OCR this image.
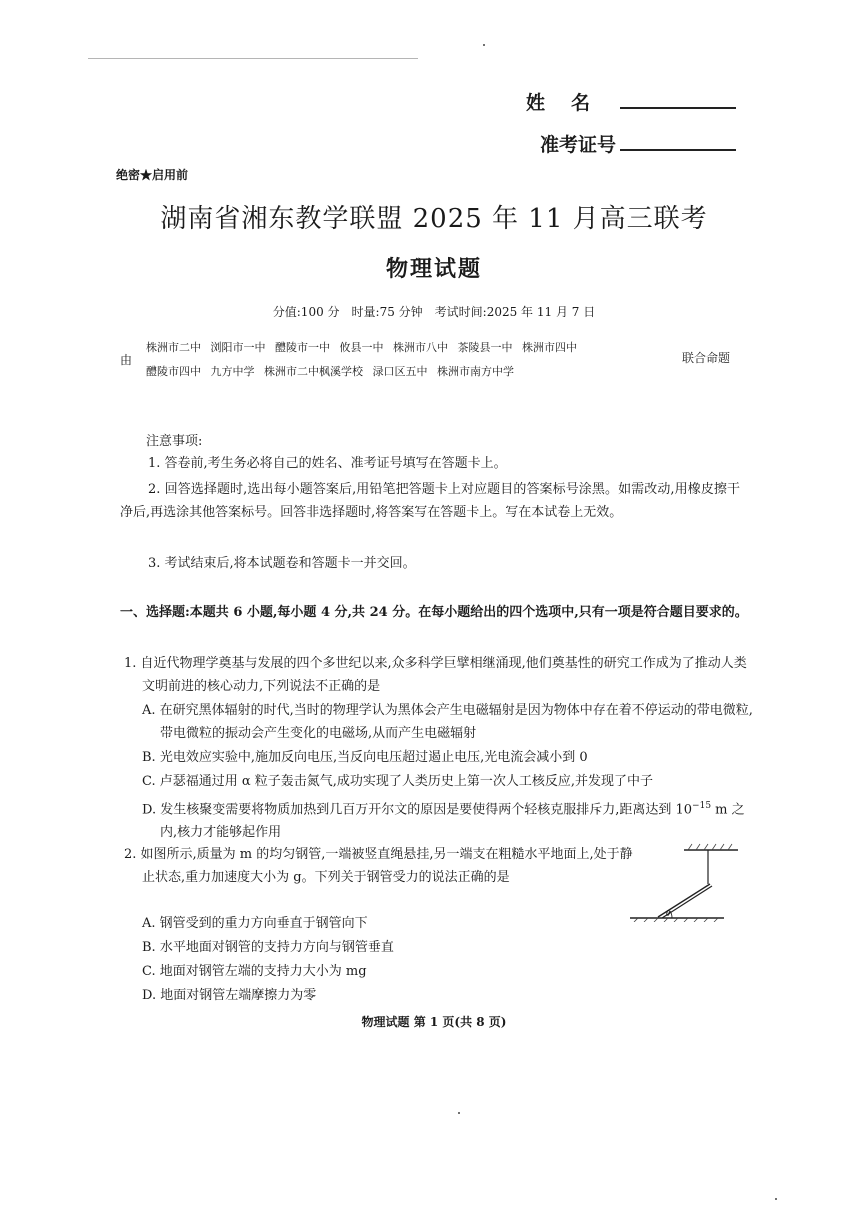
姓名
准考证号
绝密★启用前
湖南省湘东教学联盟 2025 年 11 月高三联考
物理试题
分值:100 分　时量:75 分钟　考试时间:2025 年 11 月 7 日
由
株洲市二中 浏阳市一中 醴陵市一中 攸县一中 株洲市八中 茶陵县一中 株洲市四中
醴陵市四中 九方中学 株洲市二中枫溪学校 渌口区五中 株洲市南方中学
联合命题
注意事项:
1. 答卷前,考生务必将自己的姓名、准考证号填写在答题卡上。
2. 回答选择题时,选出每小题答案后,用铅笔把答题卡上对应题目的答案标号涂黑。如需改动,用橡皮擦干净后,再选涂其他答案标号。回答非选择题时,将答案写在答题卡上。写在本试卷上无效。
3. 考试结束后,将本试题卷和答题卡一并交回。
一、选择题:本题共 6 小题,每小题 4 分,共 24 分。在每小题给出的四个选项中,只有一项是符合题目要求的。
1. 自近代物理学奠基与发展的四个多世纪以来,众多科学巨擘相继涌现,他们奠基性的研究工作成为了推动人类文明前进的核心动力,下列说法不正确的是
A. 在研究黑体辐射的时代,当时的物理学认为黑体会产生电磁辐射是因为物体中存在着不停运动的带电微粒,带电微粒的振动会产生变化的电磁场,从而产生电磁辐射
B. 光电效应实验中,施加反向电压,当反向电压超过遏止电压,光电流会减小到 0
C. 卢瑟福通过用 α 粒子轰击氮气,成功实现了人类历史上第一次人工核反应,并发现了中子
D. 发生核聚变需要将物质加热到几百万开尔文的原因是要使得两个轻核克服排斥力,距离达到 $10^{-15}$ m 之内,核力才能够起作用
2. 如图所示,质量为 m 的均匀钢管,一端被竖直绳悬挂,另一端支在粗糙水平地面上,处于静止状态,重力加速度大小为 g。下列关于钢管受力的说法正确的是
A. 钢管受到的重力方向垂直于钢管向下
B. 水平地面对钢管的支持力方向与钢管垂直
C. 地面对钢管左端的支持力大小为 mg
D. 地面对钢管左端摩擦力为零
θ
物理试题 第 1 页(共 8 页)
